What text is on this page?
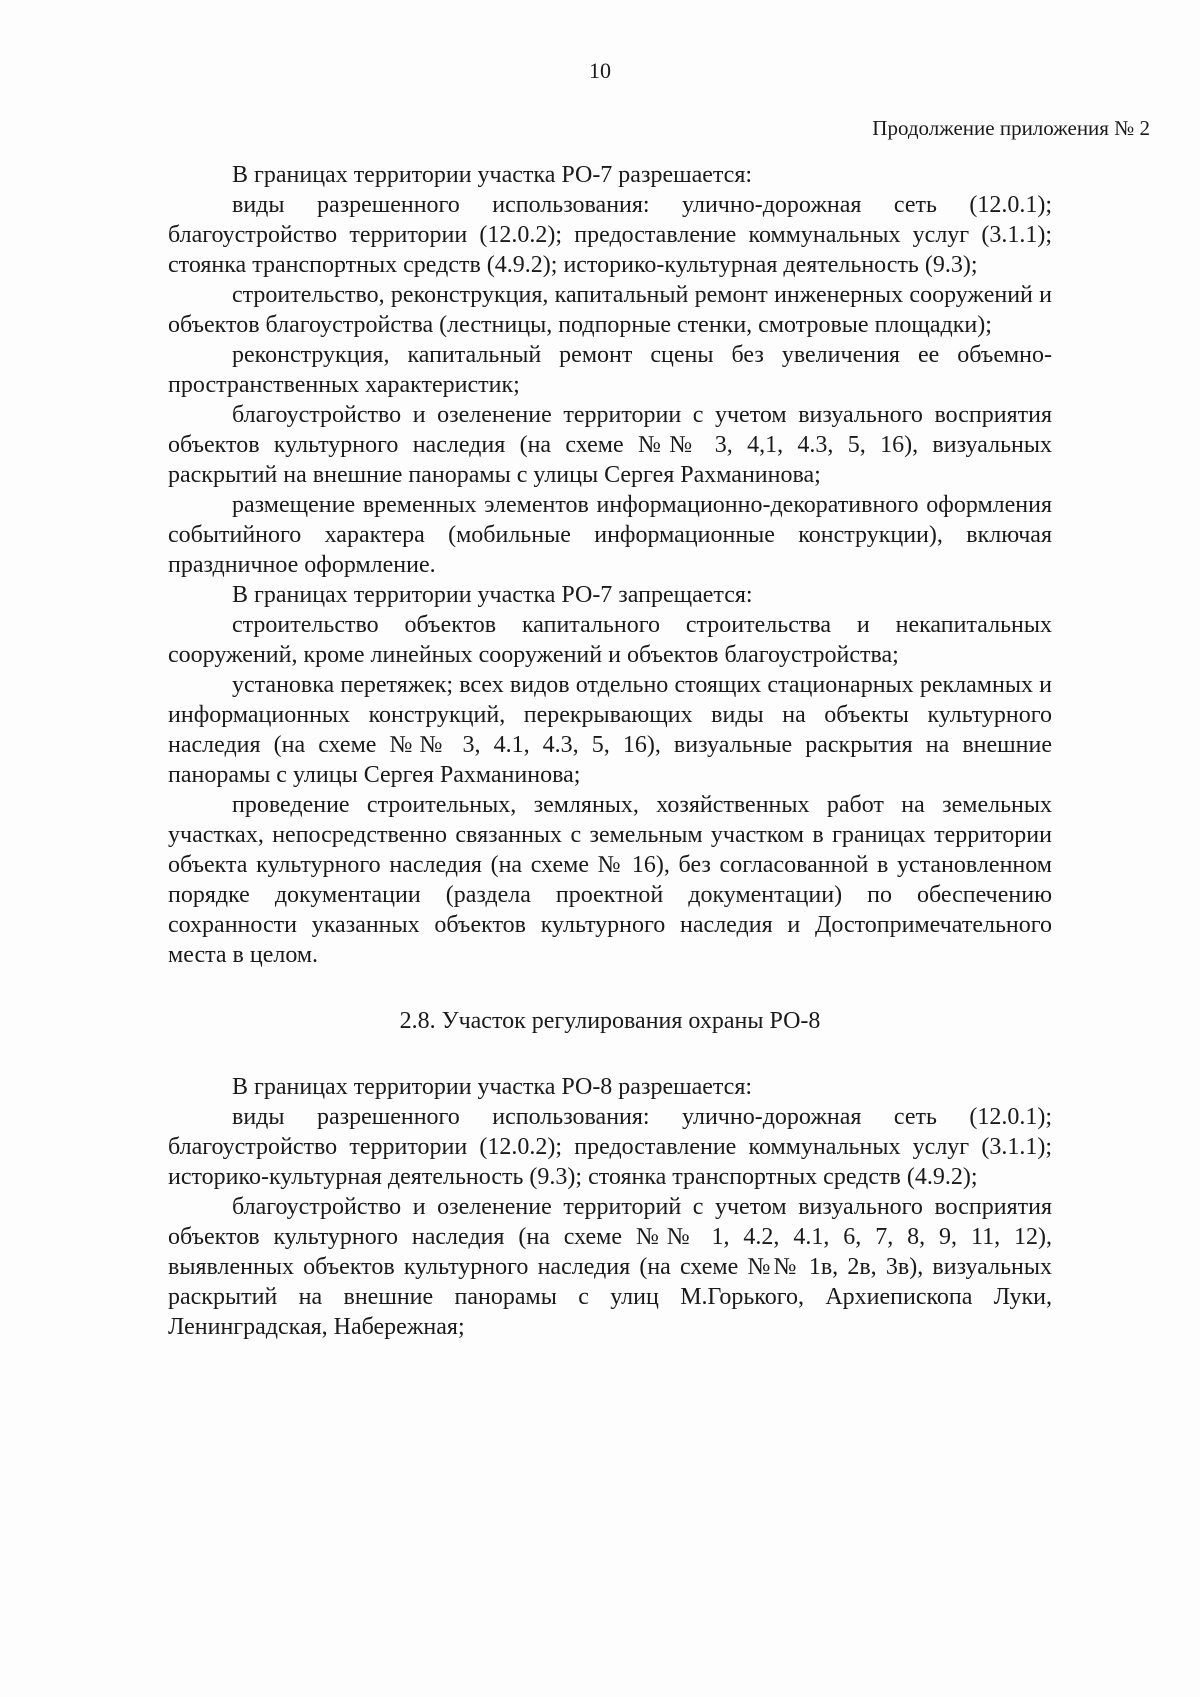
10
Продолжение приложения № 2

В границах территории участка РО-7 разрешается:

виды разрешенного использования: улично-дорожная сеть (12.0.1); благоустройство территории (12.0.2); предоставление коммунальных услуг (3.1.1); стоянка транспортных средств (4.9.2); историко-культурная деятельность (9.3);

строительство, реконструкция, капитальный ремонт инженерных сооружений и объектов благоустройства (лестницы, подпорные стенки, смотровые площадки);

реконструкция, капитальный ремонт сцены без увеличения ее объемно-пространственных характеристик;

благоустройство и озеленение территории с учетом визуального восприятия объектов культурного наследия (на схеме №№ 3, 4,1, 4.3, 5, 16), визуальных раскрытий на внешние панорамы с улицы Сергея Рахманинова;

размещение временных элементов информационно-декоративного оформления событийного характера (мобильные информационные конструкции), включая праздничное оформление.

В границах территории участка РО-7 запрещается:

строительство объектов капитального строительства и некапитальных сооружений, кроме линейных сооружений и объектов благоустройства;

установка перетяжек; всех видов отдельно стоящих стационарных рекламных и информационных конструкций, перекрывающих виды на объекты культурного наследия (на схеме №№ 3, 4.1, 4.3, 5, 16), визуальные раскрытия на внешние панорамы с улицы Сергея Рахманинова;

проведение строительных, земляных, хозяйственных работ на земельных участках, непосредственно связанных с земельным участком в границах территории объекта культурного наследия (на схеме № 16), без согласованной в установленном порядке документации (раздела проектной документации) по обеспечению сохранности указанных объектов культурного наследия и Достопримечательного места в целом.

2.8. Участок регулирования охраны РО-8

В границах территории участка РО-8 разрешается:

виды разрешенного использования: улично-дорожная сеть (12.0.1); благоустройство территории (12.0.2); предоставление коммунальных услуг (3.1.1); историко-культурная деятельность (9.3); стоянка транспортных средств (4.9.2);

благоустройство и озеленение территорий с учетом визуального восприятия объектов культурного наследия (на схеме №№ 1, 4.2, 4.1, 6, 7, 8, 9, 11, 12), выявленных объектов культурного наследия (на схеме №№ 1в, 2в, 3в), визуальных раскрытий на внешние панорамы с улиц М.Горького, Архиепископа Луки, Ленинградская, Набережная;
